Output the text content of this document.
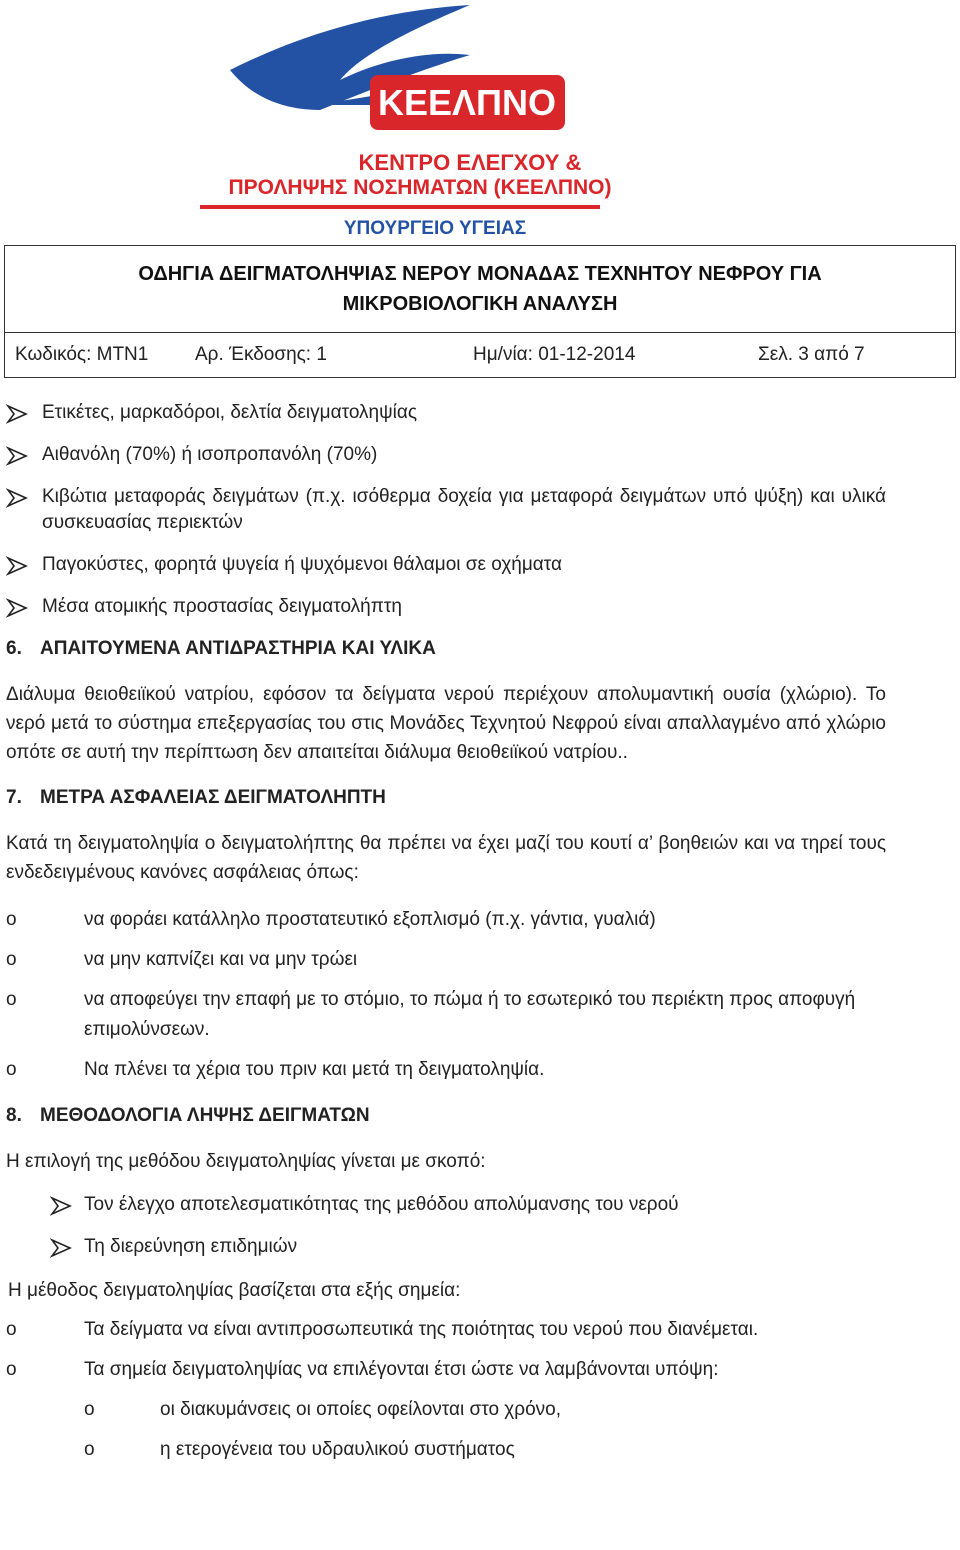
ΚΕΕΛΠΝΟ
ΚΕΝΤΡΟ ΕΛΕΓΧΟΥ &
ΠΡΟΛΗΨΗΣ ΝΟΣΗΜΑΤΩΝ (ΚΕΕΛΠΝΟ)
ΥΠΟΥΡΓΕΙΟ ΥΓΕΙΑΣ
ΟΔΗΓΙΑ ΔΕΙΓΜΑΤΟΛΗΨΙΑΣ ΝΕΡΟΥ ΜΟΝΑΔΑΣ ΤΕΧΝΗΤΟΥ ΝΕΦΡΟΥ ΓΙΑ
ΜΙΚΡΟΒΙΟΛΟΓΙΚΗ ΑΝΑΛΥΣΗ

Κωδικός: MTN1	Αρ. Έκδοσης: 1	Ημ/νία: 01-12-2014	Σελ. 3 από 7
Ετικέτες, μαρκαδόροι, δελτία δειγματοληψίας
Αιθανόλη (70%) ή ισοπροπανόλη (70%)
Κιβώτια μεταφοράς δειγμάτων (π.χ. ισόθερμα δοχεία για μεταφορά δειγμάτων υπό ψύξη) και υλικά συσκευασίας περιεκτών
Παγοκύστες, φορητά ψυγεία ή ψυχόμενοι θάλαμοι σε οχήματα
Μέσα ατομικής προστασίας δειγματολήπτη
6. ΑΠΑΙΤΟΥΜΕΝΑ ΑΝΤΙΔΡΑΣΤΗΡΙΑ ΚΑΙ ΥΛΙΚΑ
Διάλυμα θειοθειϊκού νατρίου, εφόσον τα δείγματα νερού περιέχουν απολυμαντική ουσία (χλώριο). Το νερό μετά το σύστημα επεξεργασίας του στις Μονάδες Τεχνητού Νεφρού είναι απαλλαγμένο από χλώριο οπότε σε αυτή την περίπτωση δεν απαιτείται διάλυμα θειοθειϊκού νατρίου..
7. ΜΕΤΡΑ ΑΣΦΑΛΕΙΑΣ ΔΕΙΓΜΑΤΟΛΗΠΤΗ
Κατά τη δειγματοληψία ο δειγματολήπτης θα πρέπει να έχει μαζί του κουτί α’ βοηθειών και να τηρεί τους ενδεδειγμένους κανόνες ασφάλειας όπως:
o	να φοράει κατάλληλο προστατευτικό εξοπλισμό (π.χ. γάντια, γυαλιά)
o	να μην καπνίζει και να μην τρώει
o	να αποφεύγει την επαφή με το στόμιο, το πώμα ή το εσωτερικό του περιέκτη προς αποφυγή επιμολύνσεων.
o	Να πλένει τα χέρια του πριν και μετά τη δειγματοληψία.
8. ΜΕΘΟΔΟΛΟΓΙΑ ΛΗΨΗΣ ΔΕΙΓΜΑΤΩΝ
Η επιλογή της μεθόδου δειγματοληψίας γίνεται με σκοπό:
Τον έλεγχο αποτελεσματικότητας της μεθόδου απολύμανσης του νερού
Τη διερεύνηση επιδημιών
Η μέθοδος δειγματοληψίας βασίζεται στα εξής σημεία:
o	Τα δείγματα να είναι αντιπροσωπευτικά της ποιότητας του νερού που διανέμεται.
o	Τα σημεία δειγματοληψίας να επιλέγονται έτσι ώστε να λαμβάνονται υπόψη:
o	οι διακυμάνσεις οι οποίες οφείλονται στο χρόνο,
o	η ετερογένεια του υδραυλικού συστήματος
